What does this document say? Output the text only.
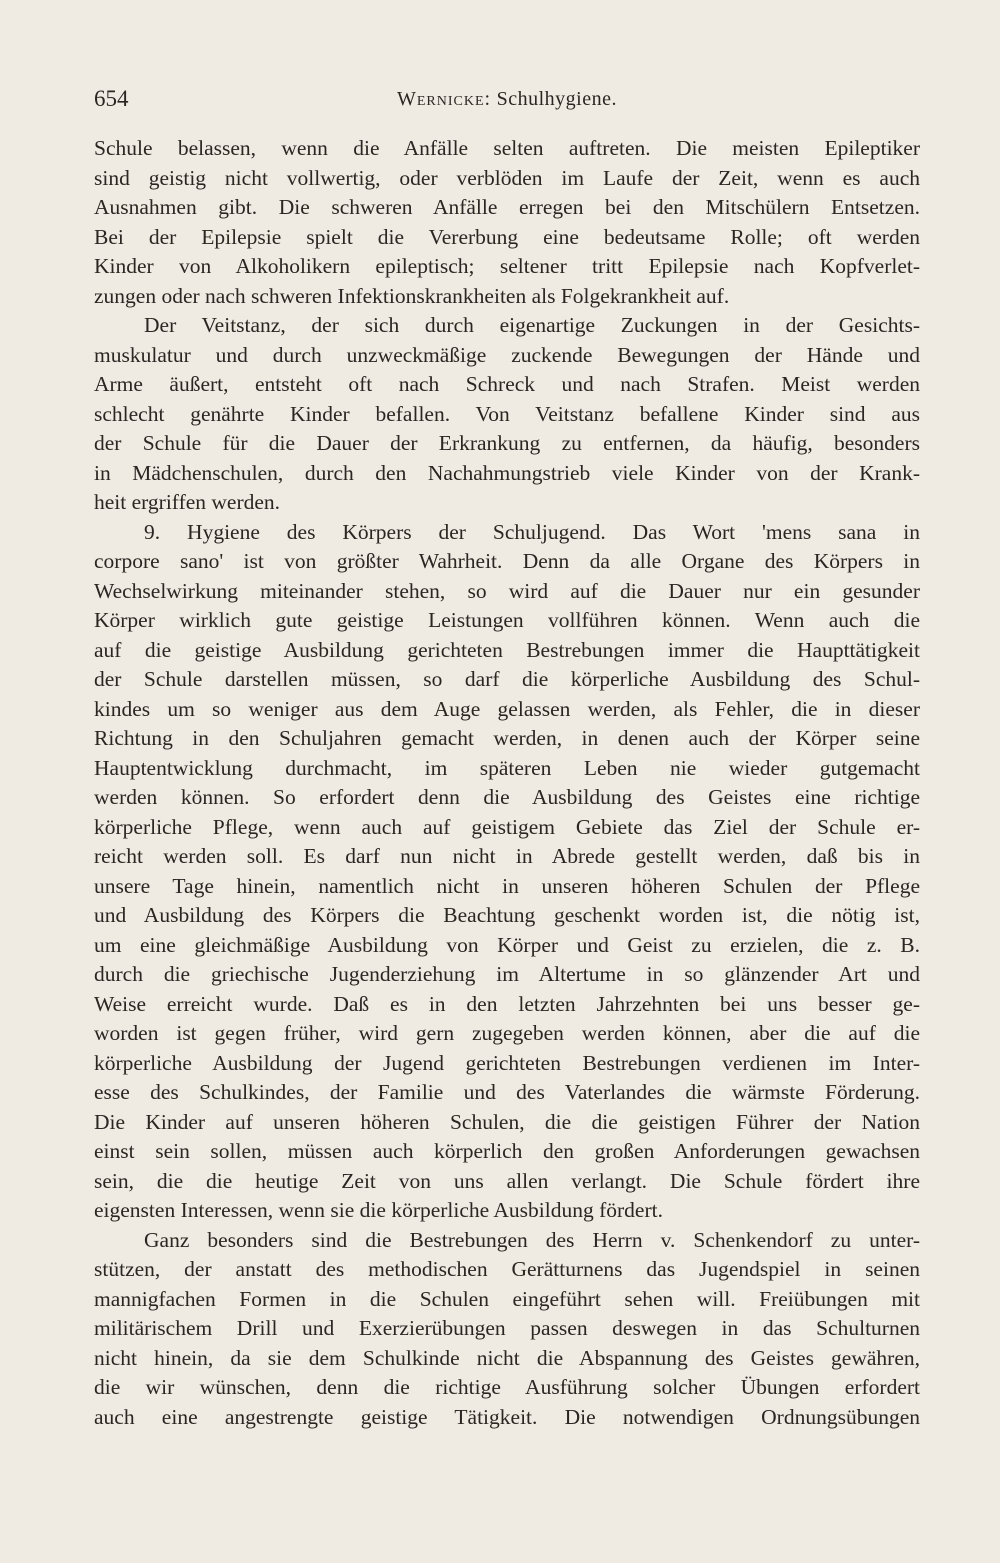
654	Wernicke: Schulhygiene.
Schule belassen, wenn die Anfälle selten auftreten. Die meisten Epileptiker
sind geistig nicht vollwertig, oder verblöden im Laufe der Zeit, wenn es auch
Ausnahmen gibt. Die schweren Anfälle erregen bei den Mitschülern Entsetzen.
Bei der Epilepsie spielt die Vererbung eine bedeutsame Rolle; oft werden
Kinder von Alkoholikern epileptisch; seltener tritt Epilepsie nach Kopfverlet-
zungen oder nach schweren Infektionskrankheiten als Folgekrankheit auf.
Der Veitstanz, der sich durch eigenartige Zuckungen in der Gesichts-
muskulatur und durch unzweckmäßige zuckende Bewegungen der Hände und
Arme äußert, entsteht oft nach Schreck und nach Strafen. Meist werden
schlecht genährte Kinder befallen. Von Veitstanz befallene Kinder sind aus
der Schule für die Dauer der Erkrankung zu entfernen, da häufig, besonders
in Mädchenschulen, durch den Nachahmungstrieb viele Kinder von der Krank-
heit ergriffen werden.
9. Hygiene des Körpers der Schuljugend. Das Wort 'mens sana in
corpore sano' ist von größter Wahrheit. Denn da alle Organe des Körpers in
Wechselwirkung miteinander stehen, so wird auf die Dauer nur ein gesunder
Körper wirklich gute geistige Leistungen vollführen können. Wenn auch die
auf die geistige Ausbildung gerichteten Bestrebungen immer die Haupttätigkeit
der Schule darstellen müssen, so darf die körperliche Ausbildung des Schul-
kindes um so weniger aus dem Auge gelassen werden, als Fehler, die in dieser
Richtung in den Schuljahren gemacht werden, in denen auch der Körper seine
Hauptentwicklung durchmacht, im späteren Leben nie wieder gutgemacht
werden können. So erfordert denn die Ausbildung des Geistes eine richtige
körperliche Pflege, wenn auch auf geistigem Gebiete das Ziel der Schule er-
reicht werden soll. Es darf nun nicht in Abrede gestellt werden, daß bis in
unsere Tage hinein, namentlich nicht in unseren höheren Schulen der Pflege
und Ausbildung des Körpers die Beachtung geschenkt worden ist, die nötig ist,
um eine gleichmäßige Ausbildung von Körper und Geist zu erzielen, die z. B.
durch die griechische Jugenderziehung im Altertume in so glänzender Art und
Weise erreicht wurde. Daß es in den letzten Jahrzehnten bei uns besser ge-
worden ist gegen früher, wird gern zugegeben werden können, aber die auf die
körperliche Ausbildung der Jugend gerichteten Bestrebungen verdienen im Inter-
esse des Schulkindes, der Familie und des Vaterlandes die wärmste Förderung.
Die Kinder auf unseren höheren Schulen, die die geistigen Führer der Nation
einst sein sollen, müssen auch körperlich den großen Anforderungen gewachsen
sein, die die heutige Zeit von uns allen verlangt. Die Schule fördert ihre
eigensten Interessen, wenn sie die körperliche Ausbildung fördert.
Ganz besonders sind die Bestrebungen des Herrn v. Schenkendorf zu unter-
stützen, der anstatt des methodischen Gerätturnens das Jugendspiel in seinen
mannigfachen Formen in die Schulen eingeführt sehen will. Freiübungen mit
militärischem Drill und Exerzierübungen passen deswegen in das Schulturnen
nicht hinein, da sie dem Schulkinde nicht die Abspannung des Geistes gewähren,
die wir wünschen, denn die richtige Ausführung solcher Übungen erfordert
auch eine angestrengte geistige Tätigkeit. Die notwendigen Ordnungsübungen
